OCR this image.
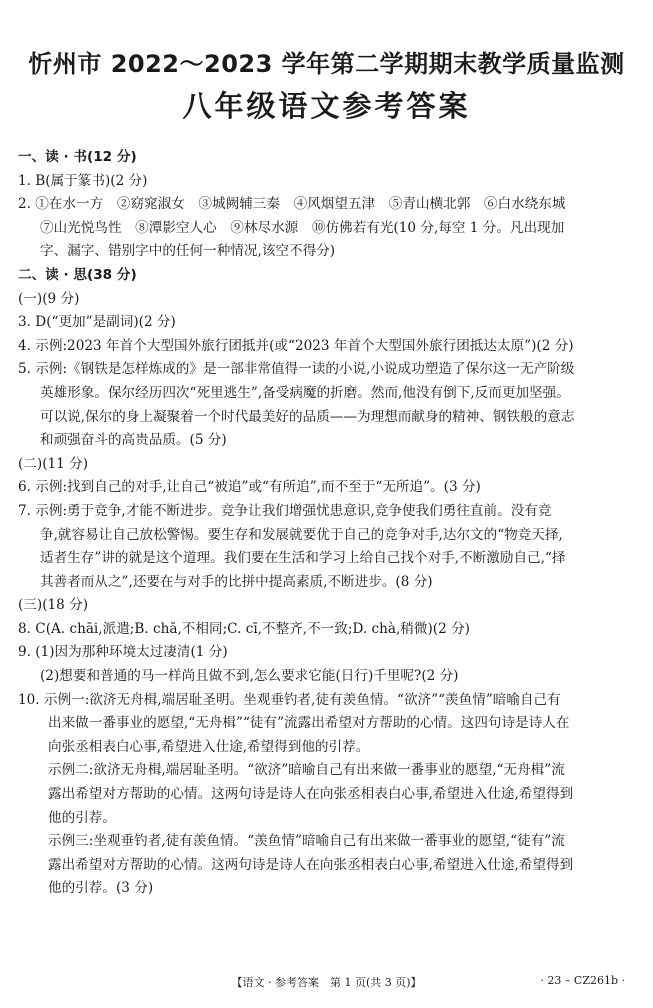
忻州市 2022～2023 学年第二学期期末教学质量监测
八年级语文参考答案
一、读 · 书(12 分)
1. B(属于篆书)(2 分)
2. ①在水一方　②窈窕淑女　③城阙辅三秦　④风烟望五津　⑤青山横北郭　⑥白水绕东城
⑦山光悦鸟性　⑧潭影空人心　⑨林尽水源　⑩仿佛若有光(10 分,每空 1 分。凡出现加
字、漏字、错别字中的任何一种情况,该空不得分)
二、读 · 思(38 分)
(一)(9 分)
3. D(“更加”是副词)(2 分)
4. 示例:2023 年首个大型国外旅行团抵并(或“2023 年首个大型国外旅行团抵达太原”)(2 分)
5. 示例:《钢铁是怎样炼成的》是一部非常值得一读的小说,小说成功塑造了保尔这一无产阶级
英雄形象。保尔经历四次“死里逃生”,备受病魔的折磨。然而,他没有倒下,反而更加坚强。
可以说,保尔的身上凝聚着一个时代最美好的品质——为理想而献身的精神、钢铁般的意志
和顽强奋斗的高贵品质。(5 分)
(二)(11 分)
6. 示例:找到自己的对手,让自己“被追”或“有所追”,而不至于“无所追”。(3 分)
7. 示例:勇于竞争,才能不断进步。竞争让我们增强忧患意识,竞争使我们勇往直前。没有竞
争,就容易让自己放松警惕。要生存和发展就要优于自己的竞争对手,达尔文的“物竞天择,
适者生存”讲的就是这个道理。我们要在生活和学习上给自己找个对手,不断激励自己,“择
其善者而从之”,还要在与对手的比拼中提高素质,不断进步。(8 分)
(三)(18 分)
8. C(A. chāi,派遣;B. chā,不相同;C. cī,不整齐,不一致;D. chà,稍微)(2 分)
9. (1)因为那种环境太过凄清(1 分)
(2)想要和普通的马一样尚且做不到,怎么要求它能(日行)千里呢?(2 分)
10. 示例一:欲济无舟楫,端居耻圣明。坐观垂钓者,徒有羡鱼情。“欲济”“羡鱼情”暗喻自己有
出来做一番事业的愿望,“无舟楫”“徒有”流露出希望对方帮助的心情。这四句诗是诗人在
向张丞相表白心事,希望进入仕途,希望得到他的引荐。
示例二:欲济无舟楫,端居耻圣明。“欲济”暗喻自己有出来做一番事业的愿望,“无舟楫”流
露出希望对方帮助的心情。这两句诗是诗人在向张丞相表白心事,希望进入仕途,希望得到
他的引荐。
示例三:坐观垂钓者,徒有羡鱼情。“羡鱼情”暗喻自己有出来做一番事业的愿望,“徒有”流
露出希望对方帮助的心情。这两句诗是诗人在向张丞相表白心事,希望进入仕途,希望得到
他的引荐。(3 分)
【语文 · 参考答案　第 1 页(共 3 页)】	· 23 – CZ261b ·
